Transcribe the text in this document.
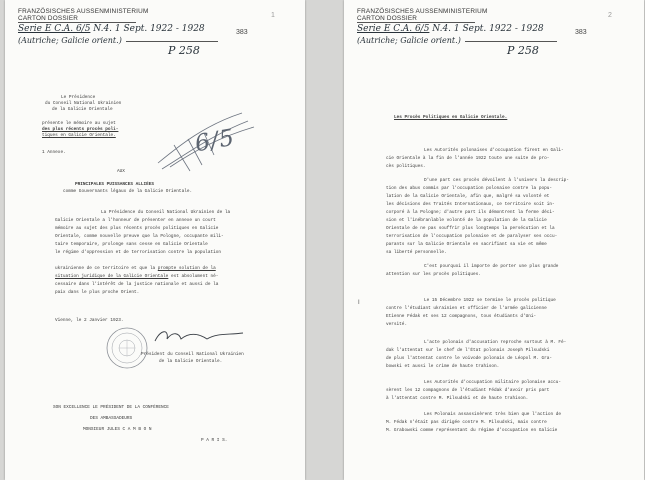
1
FRANZÖSISCHES AUSSENMINISTERIUM
CARTON DOSSIER
Serie E C.A. 6/5 N.4. 1 Sept. 1922 - 1928	383
(Autriche; Galicie orient.)
P 258
Le Présidence
du Conseil National Ukrainien
de la Galicie Orientale
présente le mémoire au sujet
des plus récents procès poli-
tiques en Galicie Orientale.	6/5
1 Annexe.
AUX
PRINCIPALES PUISSANCES ALLIÉES
comme Gouvernants légaux de la Galicie Orientale.
La Présidence du Conseil National Ukrainien de la
Galicie Orientale a l'honneur de présenter en annexe un court
mémoire au sujet des plus récents procès politiques en Galicie
Orientale, comme nouvelle preuve que la Pologne, occupante mili-
taire temporaire, prolonge sans cesse en Galicie Orientale
le régime d'oppression et de terrorisation contre la population
ukrainienne de ce territoire et que la prompte solution de la
situation juridique de la Galicie Orientale est absolument né-
cessaire dans l'intérêt de la justice nationale et aussi de la
paix dans le plus proche Orient.
Vienne, le 2 Janvier 1923.
Président du Conseil National Ukrainien
de la Galicie Orientale.
SON EXCELLENCE LE PRÉSIDENT DE LA CONFÉRENCE
DES AMBASSADEURS
MONSIEUR JULES C A M B O N
P A R I S.
2
FRANZÖSISCHES AUSSENMINISTERIUM
CARTON DOSSIER
Serie E C.A. 6/5 N.4. 1 Sept. 1922 - 1928	383
(Autriche; Galicie orient.)
P 258
Les Procès Politiques en Galicie Orientale.
Les Autorités polonaises d'occupation firent en Gali-
cie Orientale à la fin de l'année 1922 toute une suite de pro-
cès politiques.
D'une part ces procès dévoilent à l'univers la descrip-
tion des abus commis par l'occupation polonaise contre la popu-
lation de la Galicie Orientale, afin que, malgré sa volonté et
les décisions des Traités Internationaux, ce territoire soit in-
corporé à la Pologne; d'autre part ils démontrent la ferme déci-
sion et l'inébranlable volonté de la population de la Galicie
Orientale de ne pas souffrir plus longtemps la persécution et la
terrorisation de l'occupation polonaise et de paralyser ses occu-
parants sur la Galicie Orientale en sacrifiant sa vie et même
sa liberté personnelle.
C'est pourquoi il importe de porter une plus grande
attention sur les procès politiques.
I	Le 15 Décembre 1922 se termine le procès politique
contre l'étudiant ukrainien et officier de l'armée galicienne
Etienne Fédak et ses 12 compagnons, tous étudiants d'Uni-
versité.
L'acte polonais d'accusation reproche surtout à M. Fé-
dak l'attentat sur le chef de l'État polonais Joseph Pilsudski
de plus l'attentat contre le voivode polonais de Léopol M. Gra-
bowski et aussi le crime de haute trahison.
Les Autorités d'occupation militaire polonaise accu-
sèrent les 12 compagnons de l'étudiant Fédak d'avoir pris part
à l'attentat contre M. Pilsudski et de haute trahison.
Les Polonais assassinèrent très bien que l'action de
M. Fédak n'était pas dirigée contre M. Pilsudski, mais contre
M. Grabowski comme représentant du régime d'occupation en Galicie
